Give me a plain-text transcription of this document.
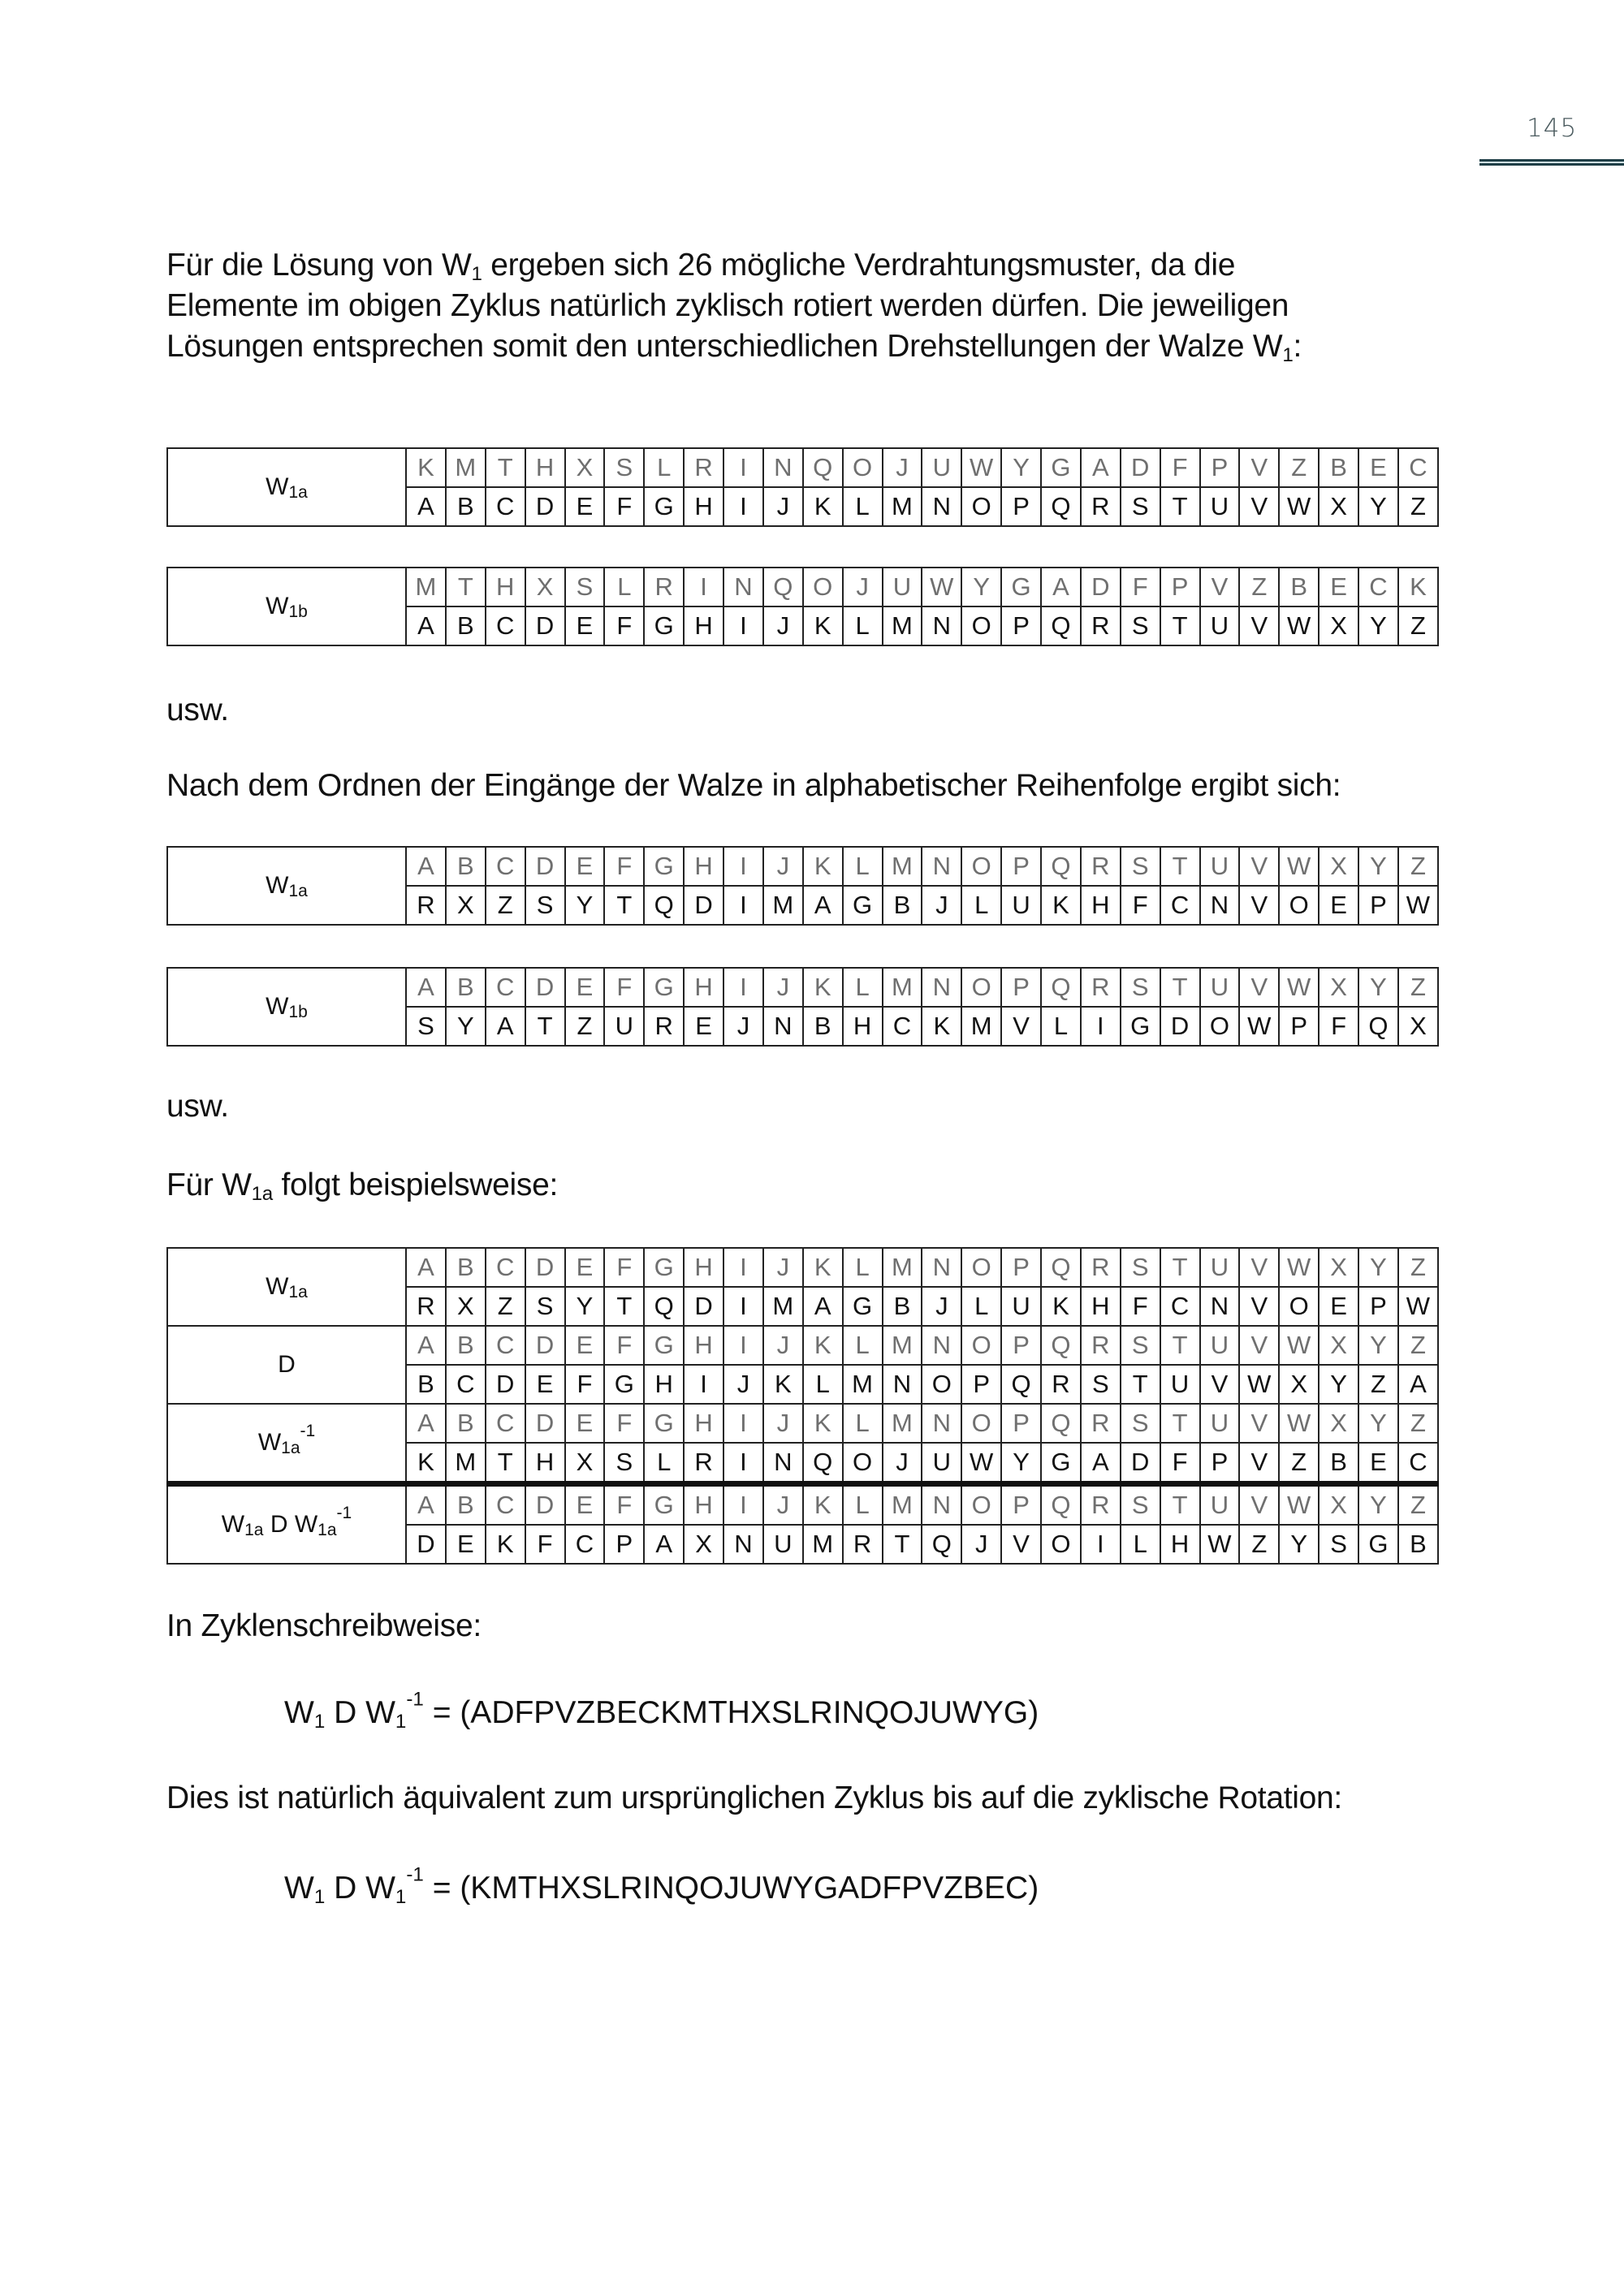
145
Für die Lösung von $W_1$ ergeben sich 26 mögliche Verdrahtungsmuster, da die
Elemente im obigen Zyklus natürlich zyklisch rotiert werden dürfen. Die jeweiligen
Lösungen entsprechen somit den unterschiedlichen Drehstellungen der Walze $W_1$:
$W_{1a}$	K	M	T	H	X	S	L	R	I	N	Q	O	J	U	W	Y	G	A	D	F	P	V	Z	B	E	C
	A	B	C	D	E	F	G	H	I	J	K	L	M	N	O	P	Q	R	S	T	U	V	W	X	Y	Z
$W_{1b}$	M	T	H	X	S	L	R	I	N	Q	O	J	U	W	Y	G	A	D	F	P	V	Z	B	E	C	K
	A	B	C	D	E	F	G	H	I	J	K	L	M	N	O	P	Q	R	S	T	U	V	W	X	Y	Z
usw.
Nach dem Ordnen der Eingänge der Walze in alphabetischer Reihenfolge ergibt sich:
$W_{1a}$	A	B	C	D	E	F	G	H	I	J	K	L	M	N	O	P	Q	R	S	T	U	V	W	X	Y	Z
	R	X	Z	S	Y	T	Q	D	I	M	A	G	B	J	L	U	K	H	F	C	N	V	O	E	P	W
$W_{1b}$	A	B	C	D	E	F	G	H	I	J	K	L	M	N	O	P	Q	R	S	T	U	V	W	X	Y	Z
	S	Y	A	T	Z	U	R	E	J	N	B	H	C	K	M	V	L	I	G	D	O	W	P	F	Q	X
usw.
Für $W_{1a}$ folgt beispielsweise:
$W_{1a}$	A	B	C	D	E	F	G	H	I	J	K	L	M	N	O	P	Q	R	S	T	U	V	W	X	Y	Z
	R	X	Z	S	Y	T	Q	D	I	M	A	G	B	J	L	U	K	H	F	C	N	V	O	E	P	W
D	A	B	C	D	E	F	G	H	I	J	K	L	M	N	O	P	Q	R	S	T	U	V	W	X	Y	Z
	B	C	D	E	F	G	H	I	J	K	L	M	N	O	P	Q	R	S	T	U	V	W	X	Y	Z	A
$W_{1a}^{-1}$	A	B	C	D	E	F	G	H	I	J	K	L	M	N	O	P	Q	R	S	T	U	V	W	X	Y	Z
	K	M	T	H	X	S	L	R	I	N	Q	O	J	U	W	Y	G	A	D	F	P	V	Z	B	E	C
$W_{1a}$ D $W_{1a}^{-1}$	A	B	C	D	E	F	G	H	I	J	K	L	M	N	O	P	Q	R	S	T	U	V	W	X	Y	Z
	D	E	K	F	C	P	A	X	N	U	M	R	T	Q	J	V	O	I	L	H	W	Z	Y	S	G	B
In Zyklenschreibweise:
$W_1$ D $W_1^{-1}$ = (ADFPVZBECKMTHXSLRINQOJUWYG)
Dies ist natürlich äquivalent zum ursprünglichen Zyklus bis auf die zyklische Rotation:
$W_1$ D $W_1^{-1}$ = (KMTHXSLRINQOJUWYGADFPVZBEC)
